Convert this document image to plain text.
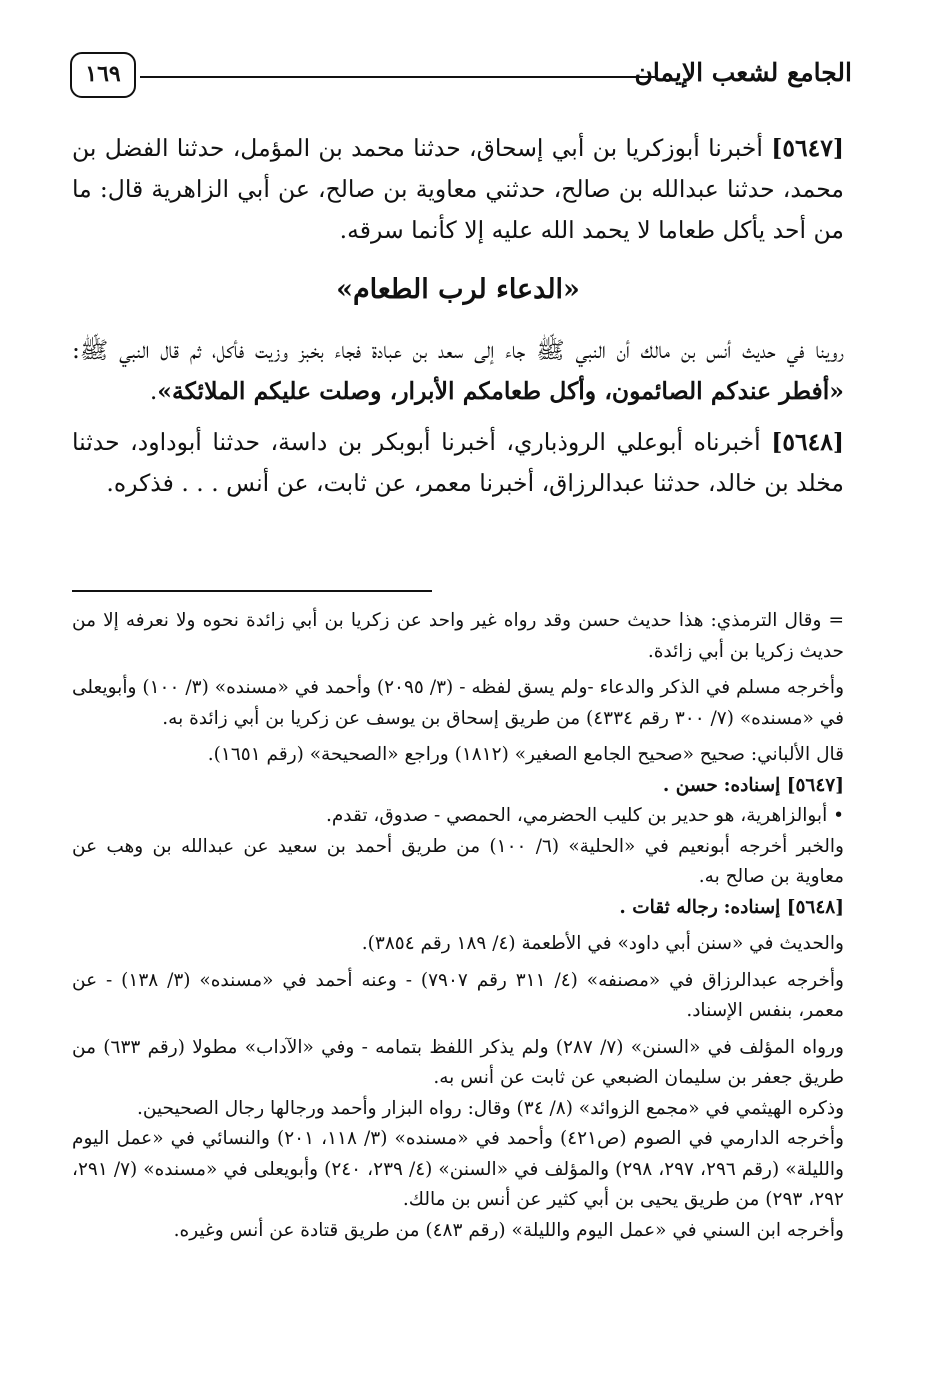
الجامع لشعب الإيمان
١٦٩

[٥٦٤٧] أخبرنا أبوزكريا بن أبي إسحاق، حدثنا محمد بن المؤمل، حدثنا الفضل بن محمد، حدثنا عبدالله بن صالح، حدثني معاوية بن صالح، عن أبي الزاهرية قال: ما من أحد يأكل طعاما لا يحمد الله عليه إلا كأنما سرقه.

«الدعاء لرب الطعام»

روينا في حديث أنس بن مالك أن النبي ﷺ جاء إلى سعد بن عبادة فجاء بخبز وزيت فأكل، ثم قال النبي ﷺ: «أفطر عندكم الصائمون، وأكل طعامكم الأبرار، وصلت عليكم الملائكة».

[٥٦٤٨] أخبرناه أبوعلي الروذباري، أخبرنا أبوبكر بن داسة، حدثنا أبوداود، حدثنا مخلد بن خالد، حدثنا عبدالرزاق، أخبرنا معمر، عن ثابت، عن أنس . . . فذكره.

= وقال الترمذي: هذا حديث حسن وقد رواه غير واحد عن زكريا بن أبي زائدة نحوه ولا نعرفه إلا من حديث زكريا بن أبي زائدة.

وأخرجه مسلم في الذكر والدعاء -ولم يسق لفظه - (٣/ ٢٠٩٥) وأحمد في «مسنده» (٣/ ١٠٠) وأبويعلى في «مسنده» (٧/ ٣٠٠ رقم ٤٣٣٤) من طريق إسحاق بن يوسف عن زكريا بن أبي زائدة به.

قال الألباني: صحيح «صحيح الجامع الصغير» (١٨١٢) وراجع «الصحيحة» (رقم ١٦٥١).

[٥٦٤٧] إسناده: حسن .

• أبوالزاهرية، هو حدير بن كليب الحضرمي، الحمصي - صدوق، تقدم.

والخبر أخرجه أبونعيم في «الحلية» (٦/ ١٠٠) من طريق أحمد بن سعيد عن عبدالله بن وهب عن معاوية بن صالح به.

[٥٦٤٨] إسناده: رجاله ثقات .

والحديث في «سنن أبي داود» في الأطعمة (٤/ ١٨٩ رقم ٣٨٥٤).

وأخرجه عبدالرزاق في «مصنفه» (٤/ ٣١١ رقم ٧٩٠٧) - وعنه أحمد في «مسنده» (٣/ ١٣٨) - عن معمر، بنفس الإسناد.

ورواه المؤلف في «السنن» (٧/ ٢٨٧) ولم يذكر اللفظ بتمامه - وفي «الآداب» مطولا (رقم ٦٣٣) من طريق جعفر بن سليمان الضبعي عن ثابت عن أنس به.

وذكره الهيثمي في «مجمع الزوائد» (٨/ ٣٤) وقال: رواه البزار وأحمد ورجالها رجال الصحيحين.

وأخرجه الدارمي في الصوم (ص٤٢١) وأحمد في «مسنده» (٣/ ١١٨، ٢٠١) والنسائي في «عمل اليوم والليلة» (رقم ٢٩٦، ٢٩٧، ٢٩٨) والمؤلف في «السنن» (٤/ ٢٣٩، ٢٤٠) وأبويعلى في «مسنده» (٧/ ٢٩١، ٢٩٢، ٢٩٣) من طريق يحيى بن أبي كثير عن أنس بن مالك.

وأخرجه ابن السني في «عمل اليوم والليلة» (رقم ٤٨٣) من طريق قتادة عن أنس وغيره.
